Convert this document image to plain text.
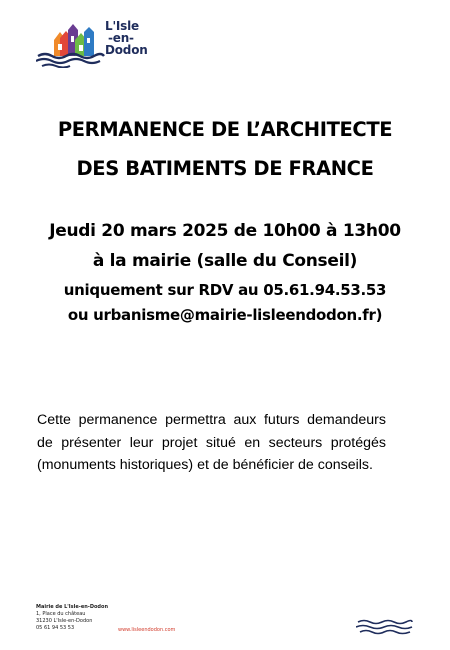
L'Isle
-en-
Dodon
PERMANENCE DE L’ARCHITECTE
DES BATIMENTS DE FRANCE
Jeudi 20 mars 2025 de 10h00 à 13h00
à la mairie (salle du Conseil)
uniquement sur RDV au 05.61.94.53.53
ou urbanisme@mairie-lisleendodon.fr)
Cette permanence permettra aux futurs demandeurs de présenter leur projet situé en secteurs protégés (monuments historiques) et de bénéficier de conseils.
Mairie de L'Isle-en-Dodon
1, Place du château
31230 L'Isle-en-Dodon
05 61 94 53 53	www.lisleendodon.com
